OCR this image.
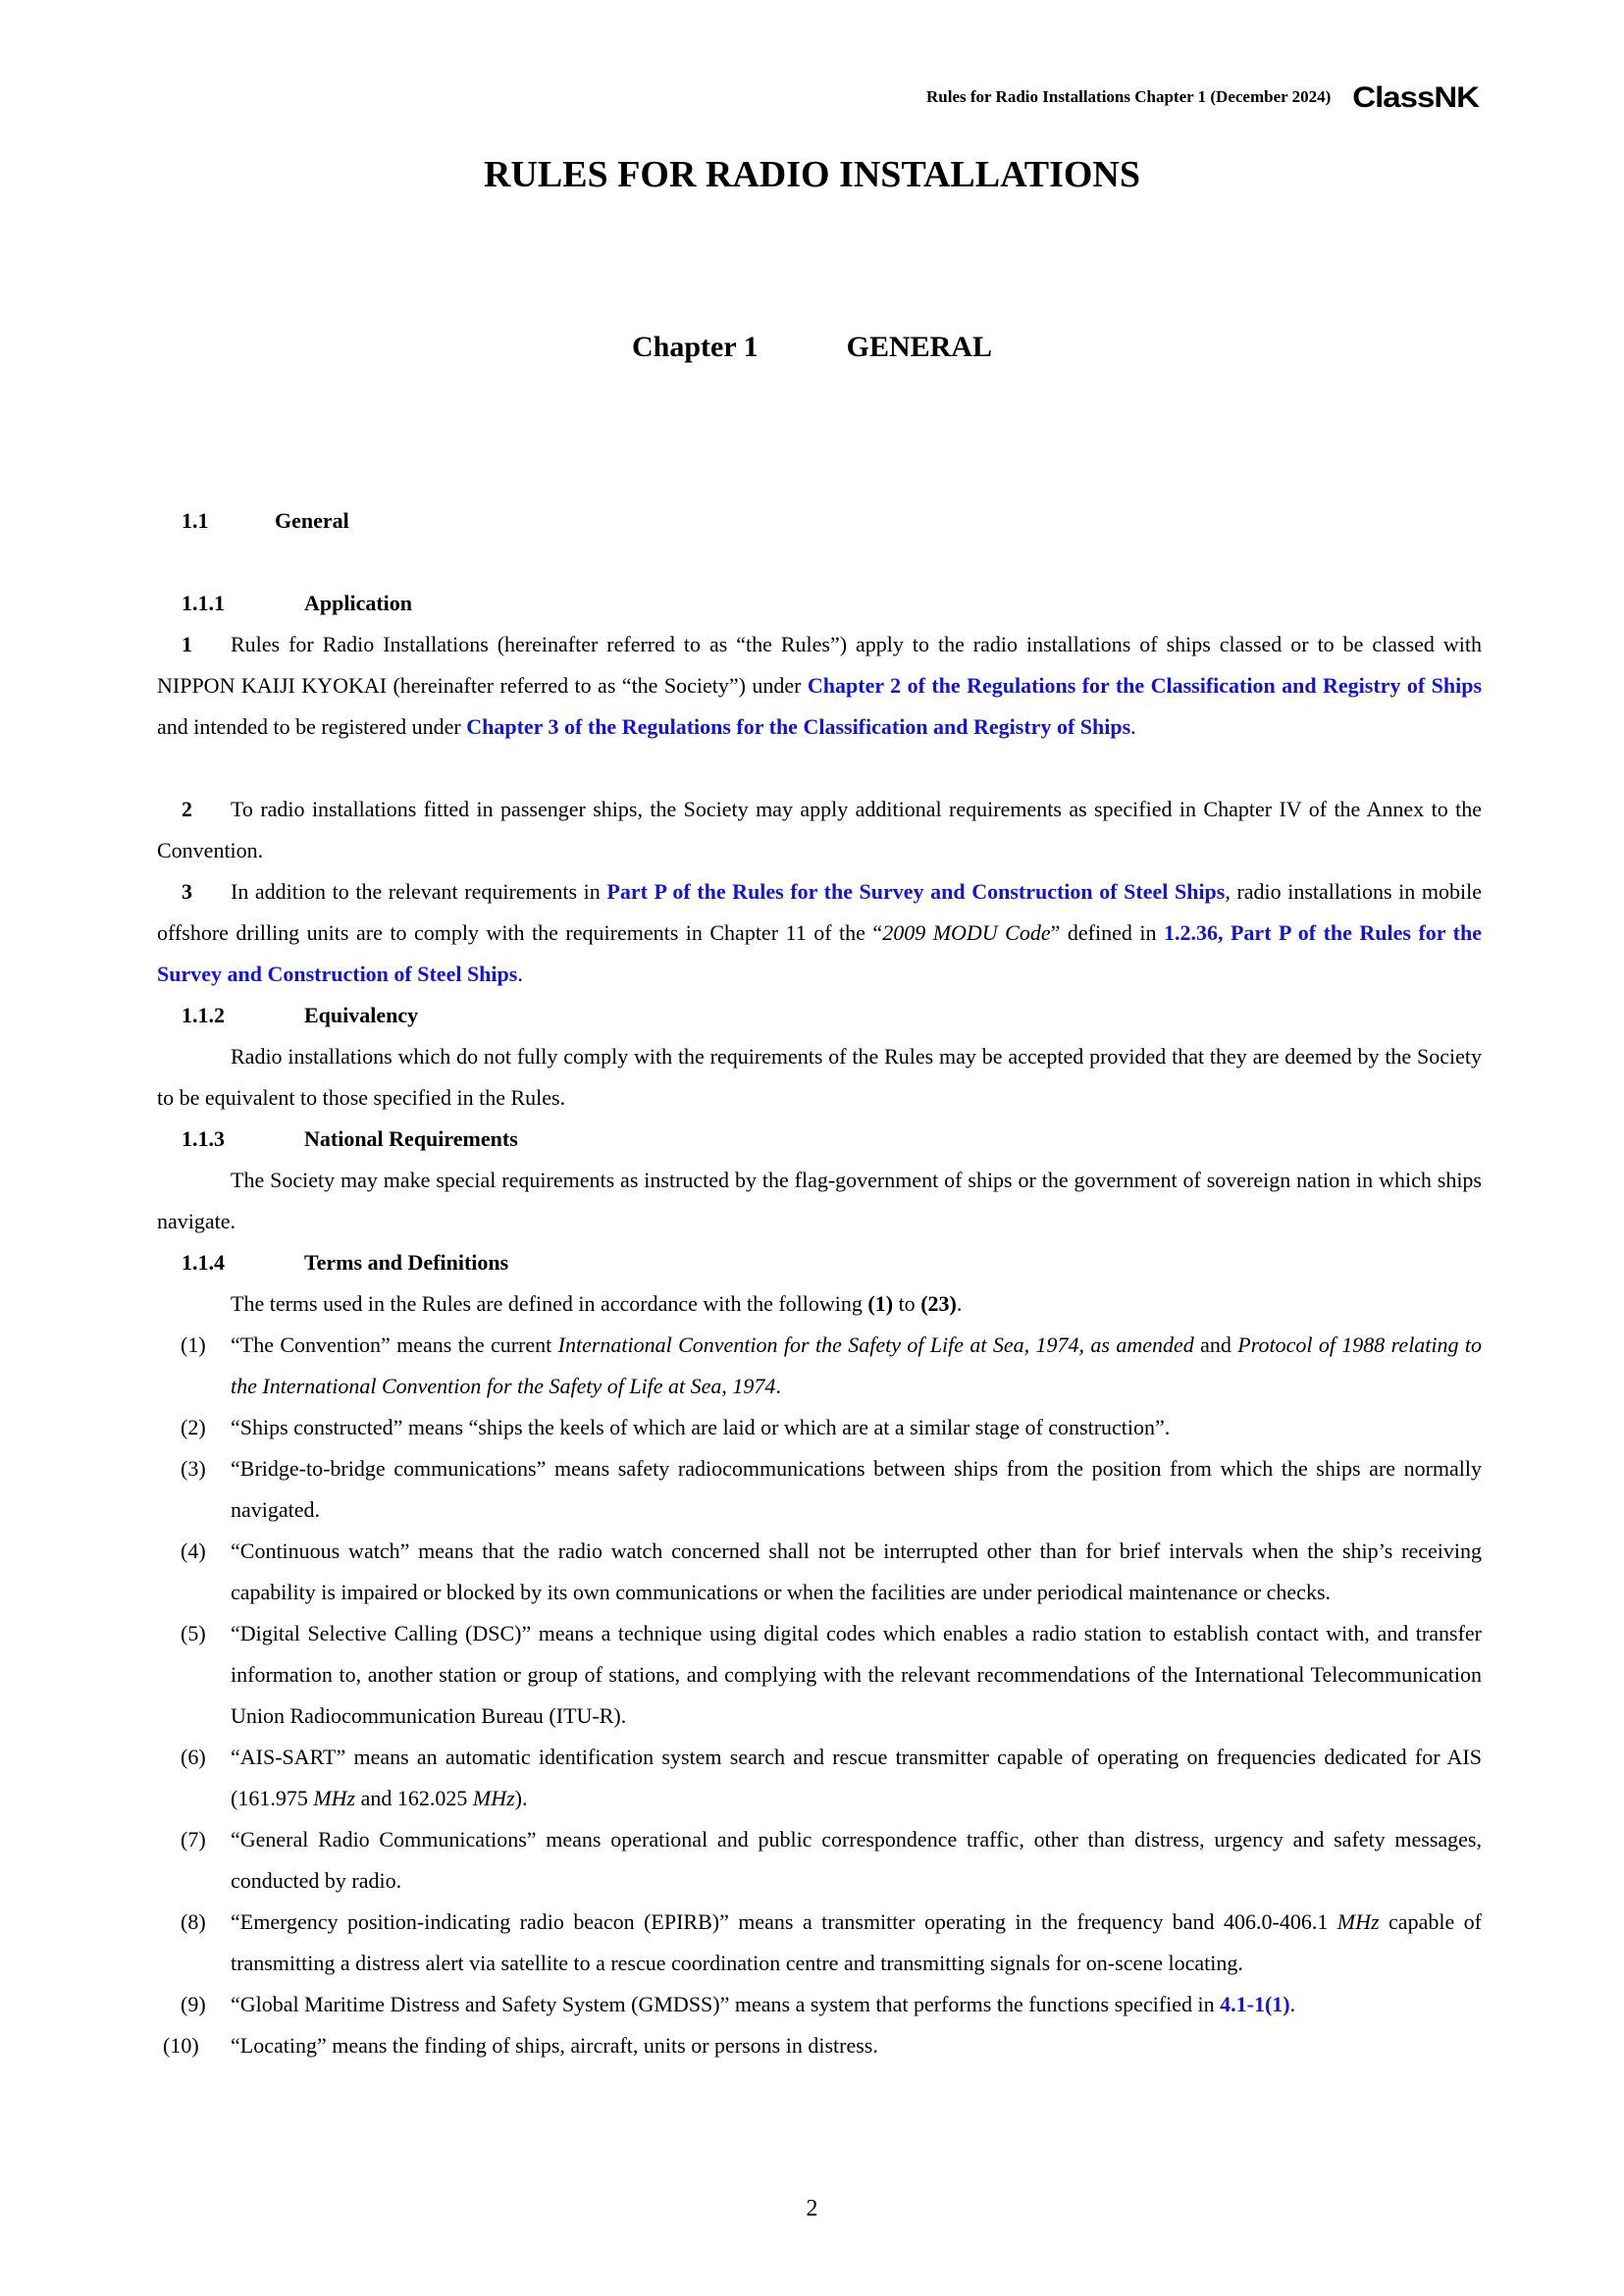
Rules for Radio Installations Chapter 1 (December 2024) ClassNK
RULES FOR RADIO INSTALLATIONS
Chapter 1	GENERAL
1.1	General
1.1.1	Application
1 Rules for Radio Installations (hereinafter referred to as “the Rules”) apply to the radio installations of ships classed or to be classed with NIPPON KAIJI KYOKAI (hereinafter referred to as “the Society”) under Chapter 2 of the Regulations for the Classification and Registry of Ships and intended to be registered under Chapter 3 of the Regulations for the Classification and Registry of Ships.
2 To radio installations fitted in passenger ships, the Society may apply additional requirements as specified in Chapter IV of the Annex to the Convention.
3 In addition to the relevant requirements in Part P of the Rules for the Survey and Construction of Steel Ships, radio installations in mobile offshore drilling units are to comply with the requirements in Chapter 11 of the “2009 MODU Code” defined in 1.2.36, Part P of the Rules for the Survey and Construction of Steel Ships.
1.1.2	Equivalency
Radio installations which do not fully comply with the requirements of the Rules may be accepted provided that they are deemed by the Society to be equivalent to those specified in the Rules.
1.1.3	National Requirements
The Society may make special requirements as instructed by the flag-government of ships or the government of sovereign nation in which ships navigate.
1.1.4	Terms and Definitions
The terms used in the Rules are defined in accordance with the following (1) to (23).
(1) “The Convention” means the current International Convention for the Safety of Life at Sea, 1974, as amended and Protocol of 1988 relating to the International Convention for the Safety of Life at Sea, 1974.
(2) “Ships constructed” means “ships the keels of which are laid or which are at a similar stage of construction”.
(3) “Bridge-to-bridge communications” means safety radiocommunications between ships from the position from which the ships are normally navigated.
(4) “Continuous watch” means that the radio watch concerned shall not be interrupted other than for brief intervals when the ship’s receiving capability is impaired or blocked by its own communications or when the facilities are under periodical maintenance or checks.
(5) “Digital Selective Calling (DSC)” means a technique using digital codes which enables a radio station to establish contact with, and transfer information to, another station or group of stations, and complying with the relevant recommendations of the International Telecommunication Union Radiocommunication Bureau (ITU-R).
(6) “AIS-SART” means an automatic identification system search and rescue transmitter capable of operating on frequencies dedicated for AIS (161.975 MHz and 162.025 MHz).
(7) “General Radio Communications” means operational and public correspondence traffic, other than distress, urgency and safety messages, conducted by radio.
(8) “Emergency position-indicating radio beacon (EPIRB)” means a transmitter operating in the frequency band 406.0-406.1 MHz capable of transmitting a distress alert via satellite to a rescue coordination centre and transmitting signals for on-scene locating.
(9) “Global Maritime Distress and Safety System (GMDSS)” means a system that performs the functions specified in 4.1-1(1).
(10) “Locating” means the finding of ships, aircraft, units or persons in distress.
2
